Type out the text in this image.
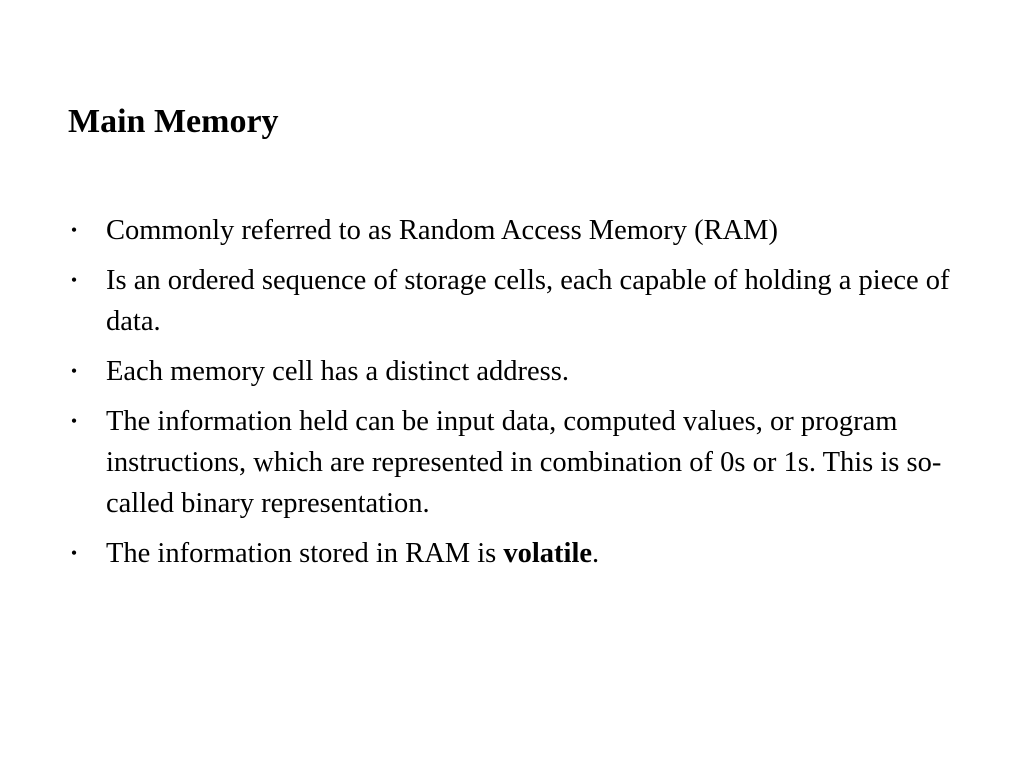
Main Memory
• Commonly referred to as Random Access Memory (RAM)
• Is an ordered sequence of storage cells, each capable of holding a piece of data.
• Each memory cell has a distinct address.
• The information held can be input data, computed values, or program instructions, which are represented in combination of 0s or 1s. This is so-called binary representation.
• The information stored in RAM is volatile.
